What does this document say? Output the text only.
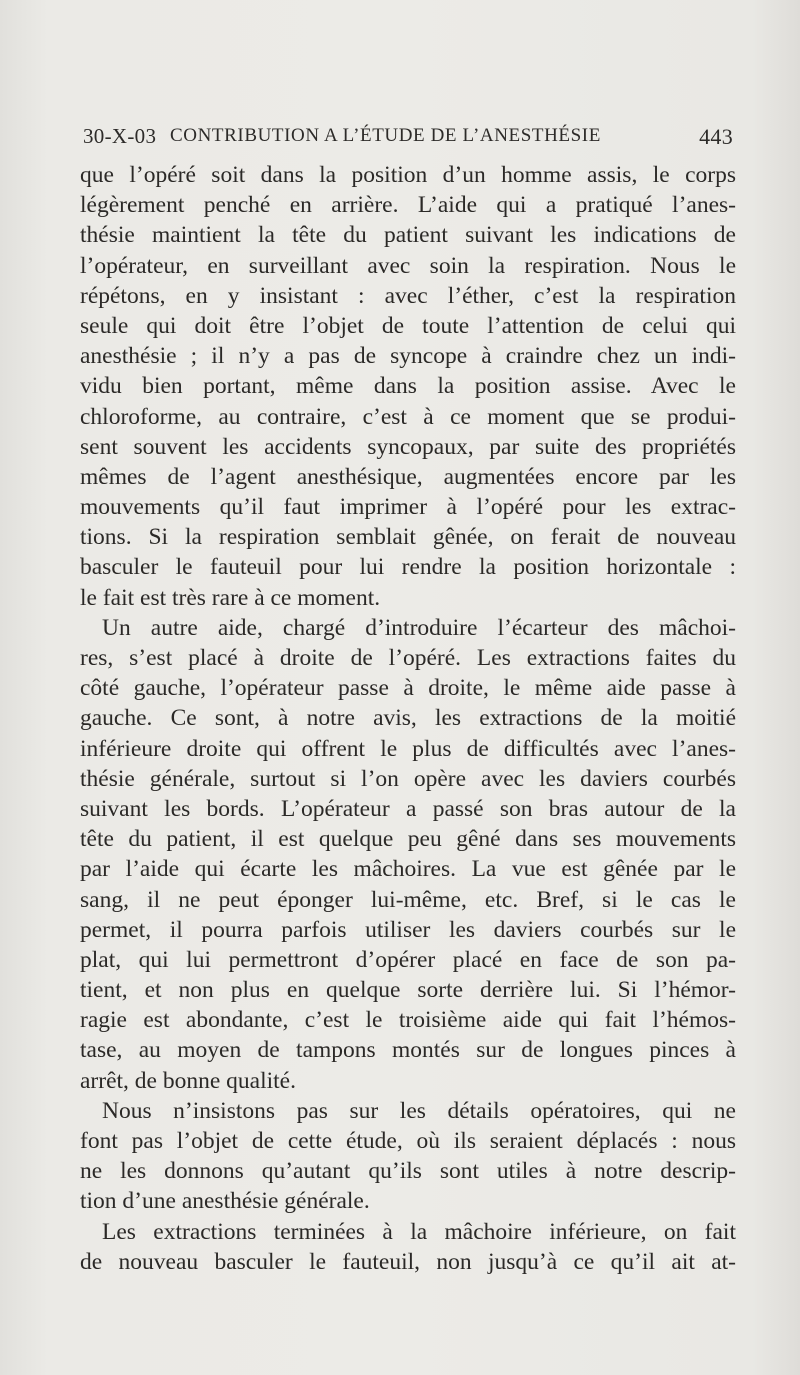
30-X-03 CONTRIBUTION A L’ÉTUDE DE L’ANESTHÉSIE	443
que l’opéré soit dans la position d’un homme assis, le corps
légèrement penché en arrière. L’aide qui a pratiqué l’anes-
thésie maintient la tête du patient suivant les indications de
l’opérateur, en surveillant avec soin la respiration. Nous le
répétons, en y insistant : avec l’éther, c’est la respiration
seule qui doit être l’objet de toute l’attention de celui qui
anesthésie ; il n’y a pas de syncope à craindre chez un indi-
vidu bien portant, même dans la position assise. Avec le
chloroforme, au contraire, c’est à ce moment que se produi-
sent souvent les accidents syncopaux, par suite des propriétés
mêmes de l’agent anesthésique, augmentées encore par les
mouvements qu’il faut imprimer à l’opéré pour les extrac-
tions. Si la respiration semblait gênée, on ferait de nouveau
basculer le fauteuil pour lui rendre la position horizontale :
le fait est très rare à ce moment.
Un autre aide, chargé d’introduire l’écarteur des mâchoi-
res, s’est placé à droite de l’opéré. Les extractions faites du
côté gauche, l’opérateur passe à droite, le même aide passe à
gauche. Ce sont, à notre avis, les extractions de la moitié
inférieure droite qui offrent le plus de difficultés avec l’anes-
thésie générale, surtout si l’on opère avec les daviers courbés
suivant les bords. L’opérateur a passé son bras autour de la
tête du patient, il est quelque peu gêné dans ses mouvements
par l’aide qui écarte les mâchoires. La vue est gênée par le
sang, il ne peut éponger lui-même, etc. Bref, si le cas le
permet, il pourra parfois utiliser les daviers courbés sur le
plat, qui lui permettront d’opérer placé en face de son pa-
tient, et non plus en quelque sorte derrière lui. Si l’hémor-
ragie est abondante, c’est le troisième aide qui fait l’hémos-
tase, au moyen de tampons montés sur de longues pinces à
arrêt, de bonne qualité.
Nous n’insistons pas sur les détails opératoires, qui ne
font pas l’objet de cette étude, où ils seraient déplacés : nous
ne les donnons qu’autant qu’ils sont utiles à notre descrip-
tion d’une anesthésie générale.
Les extractions terminées à la mâchoire inférieure, on fait
de nouveau basculer le fauteuil, non jusqu’à ce qu’il ait at-
